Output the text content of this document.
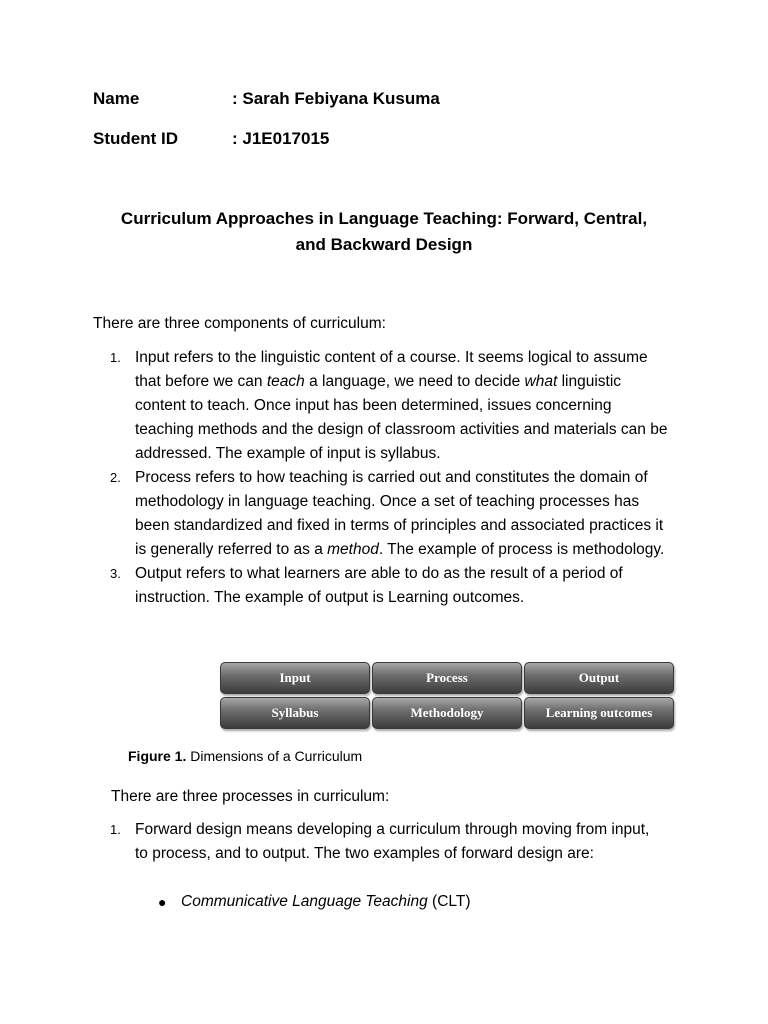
Name	: Sarah Febiyana Kusuma
Student ID	: J1E017015
Curriculum Approaches in Language Teaching: Forward, Central,
and Backward Design
There are three components of curriculum:
1. Input refers to the linguistic content of a course. It seems logical to assume that before we can teach a language, we need to decide what linguistic content to teach. Once input has been determined, issues concerning teaching methods and the design of classroom activities and materials can be addressed. The example of input is syllabus.
2. Process refers to how teaching is carried out and constitutes the domain of methodology in language teaching. Once a set of teaching processes has been standardized and fixed in terms of principles and associated practices it is generally referred to as a method. The example of process is methodology.
3. Output refers to what learners are able to do as the result of a period of instruction. The example of output is Learning outcomes.
Input	Process	Output
Syllabus	Methodology	Learning outcomes
Figure 1. Dimensions of a Curriculum
There are three processes in curriculum:
1. Forward design means developing a curriculum through moving from input, to process, and to output. The two examples of forward design are:
● Communicative Language Teaching (CLT)
